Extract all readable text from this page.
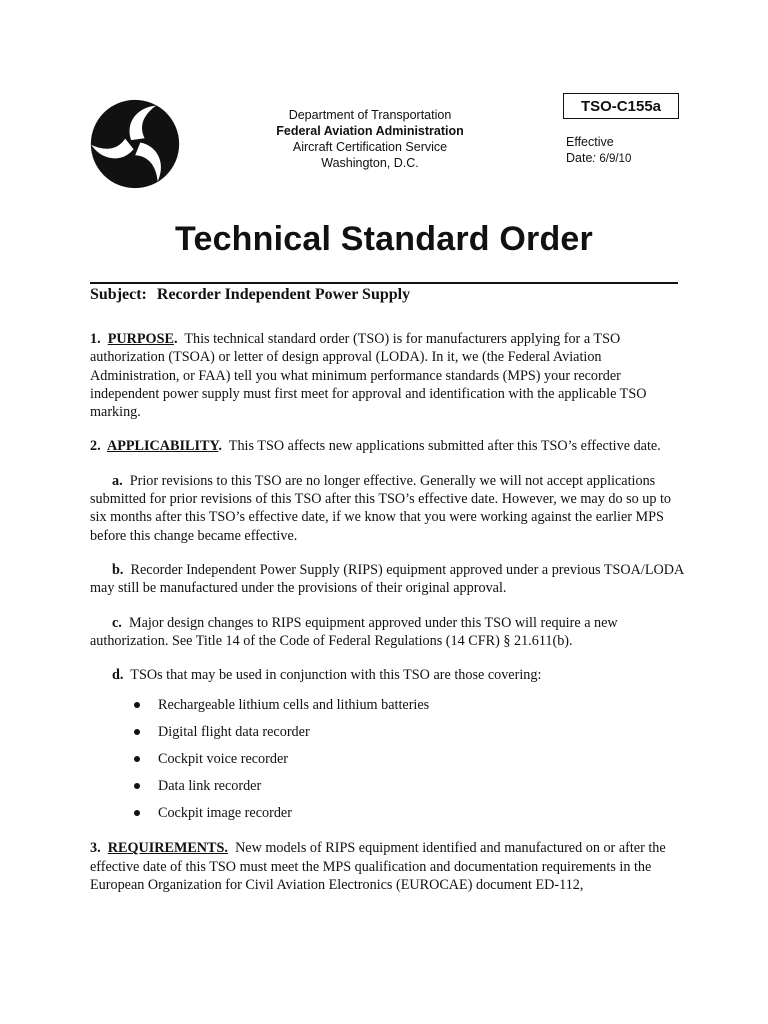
Department of Transportation
Federal Aviation Administration
Aircraft Certification Service
Washington, D.C.
TSO-C155a
Effective
Date: 6/9/10
Technical Standard Order
Subject: Recorder Independent Power Supply

1. PURPOSE. This technical standard order (TSO) is for manufacturers applying for a TSO authorization (TSOA) or letter of design approval (LODA). In it, we (the Federal Aviation Administration, or FAA) tell you what minimum performance standards (MPS) your recorder independent power supply must first meet for approval and identification with the applicable TSO marking.

2. APPLICABILITY. This TSO affects new applications submitted after this TSO’s effective date.

a. Prior revisions to this TSO are no longer effective. Generally we will not accept applications submitted for prior revisions of this TSO after this TSO’s effective date. However, we may do so up to six months after this TSO’s effective date, if we know that you were working against the earlier MPS before this change became effective.

b. Recorder Independent Power Supply (RIPS) equipment approved under a previous TSOA/LODA may still be manufactured under the provisions of their original approval.

c. Major design changes to RIPS equipment approved under this TSO will require a new authorization. See Title 14 of the Code of Federal Regulations (14 CFR) § 21.611(b).

d. TSOs that may be used in conjunction with this TSO are those covering:

Rechargeable lithium cells and lithium batteries
Digital flight data recorder
Cockpit voice recorder
Data link recorder
Cockpit image recorder

3. REQUIREMENTS. New models of RIPS equipment identified and manufactured on or after the effective date of this TSO must meet the MPS qualification and documentation requirements in the European Organization for Civil Aviation Electronics (EUROCAE) document ED-112,
